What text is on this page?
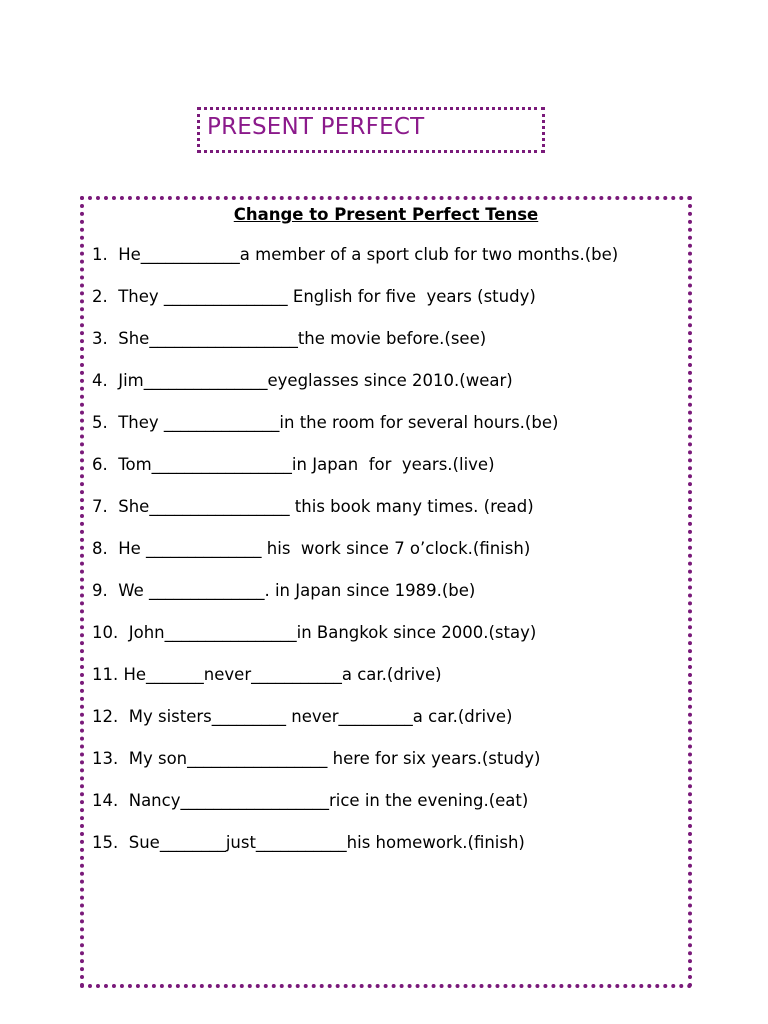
PRESENT PERFECT
Change to Present Perfect Tense
1.  He____________a member of a sport club for two months.(be)
2.  They _______________ English for five  years (study)
3.  She__________________the movie before.(see)
4.  Jim_______________eyeglasses since 2010.(wear)
5.  They ______________in the room for several hours.(be)
6.  Tom_________________in Japan  for  years.(live)
7.  She_________________ this book many times. (read)
8.  He ______________ his  work since 7 o’clock.(finish)
9.  We ______________. in Japan since 1989.(be)
10.  John________________in Bangkok since 2000.(stay)
11. He_______never___________a car.(drive)
12.  My sisters_________ never_________a car.(drive)
13.  My son_________________ here for six years.(study)
14.  Nancy__________________rice in the evening.(eat)
15.  Sue________just___________his homework.(finish)
